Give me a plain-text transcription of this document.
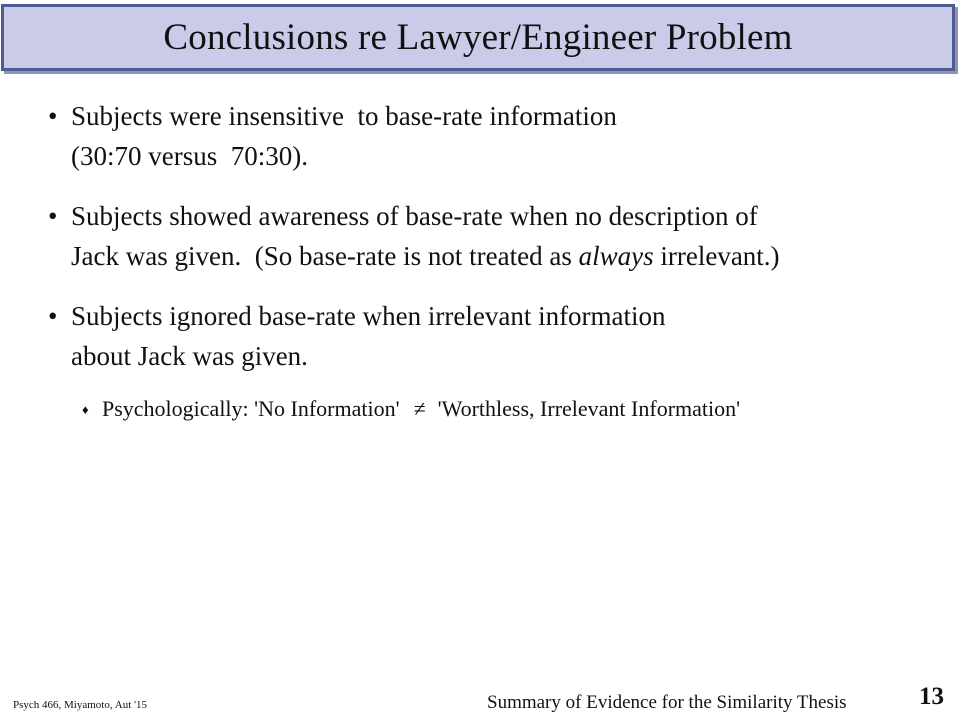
Conclusions re Lawyer/Engineer Problem
• Subjects were insensitive  to base-rate information
(30:70 versus  70:30).
• Subjects showed awareness of base-rate when no description of
Jack was given.  (So base-rate is not treated as always irrelevant.)
• Subjects ignored base-rate when irrelevant information
about Jack was given.
♦ Psychologically: 'No Information' ≠ 'Worthless, Irrelevant Information'
Psych 466, Miyamoto, Aut '15	Summary of Evidence for the Similarity Thesis	13
